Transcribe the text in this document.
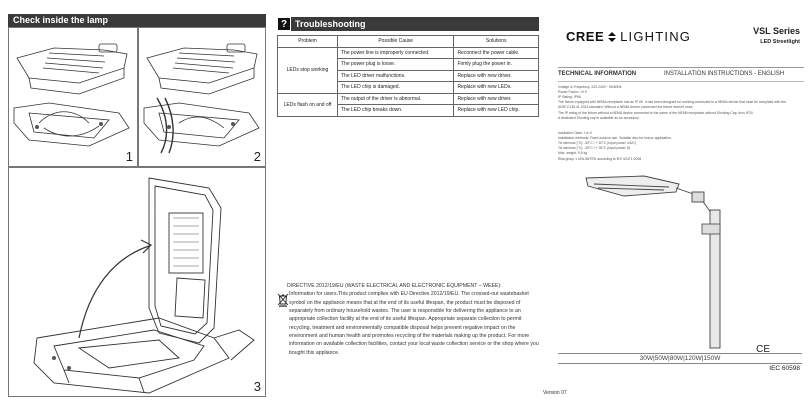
Check inside the lamp
1	2
3
? Troubleshooting
Problem	Possible Cause	Solutions
LEDs stop working	The power line is improperly connected.	Reconnect the power cable.
	The power plug is loose.	Firmly plug the power in.
	The LED driver malfunctions.	Replace with new driver.
	The LED chip is damaged.	Replace with new LEDs.
LEDs flash on and off	The output of the driver is abnormal.	Replace with new driver.
	The LED chip breaks down.	Replace with new LED chip.
DIRECTIVE 2012/19/EU (WASTE ELECTRICAL AND ELECTRONIC EQUIPMENT – WEEE):
Information for users.This product complies with EU Directive 2012/19/EU. The crossed-out wastebasket symbol on the appliance means that at the end of its useful lifespan, the product must be disposed of separately from ordinary household wastes. The user is responsible for delivering the appliance to an appropriate collection facility at the end of its useful lifespan. Appropriate separate collection to permit recycling, treatment and environmentally compatible disposal helps prevent negative impact on the environment and human health and promotes recycling of the materials making up the product. For more information on available collection facilities, contact your local waste collection service or the shop where you bought this appliance.
Version 07
CREE LIGHTING	VSL Series
LED Streetlight
TECHNICAL INFORMATION	INSTALLATION INSTRUCTIONS - ENGLISH
Voltage & Frequency: 220-240V~ 50/60Hz
Power Factor: >0.9
IP Rating: IP66
The fixture equipped with NEMA receptacle has an IP 65. It has been designed for working connected to a NEMA device that must be compliant with the
ANSI C136.41-2013 standard. Without a NEMA device connected the fixture doesn't work.
The IP rating of the fixture without a NEMA device connected is the same of the NEMA receptacle without Shorting Cap, thus IP20.
A dedicated Shorting cap is available as an accessory.
Insulation Class: I or II
Installation methods: Fixed outdoor use. Suitable also for indoor application.
TA min/max [°C]: -30°C / + 40°C (input power 4,8/C)
TA min/max [°C]: -30°C / + 35°C (input power D)
Max. weight: 9,5 kg
Risk group 1 UNLIMITED according to IEC 62471:2008
CE
30W|50W|80W|120W|150W
IEC 60598
